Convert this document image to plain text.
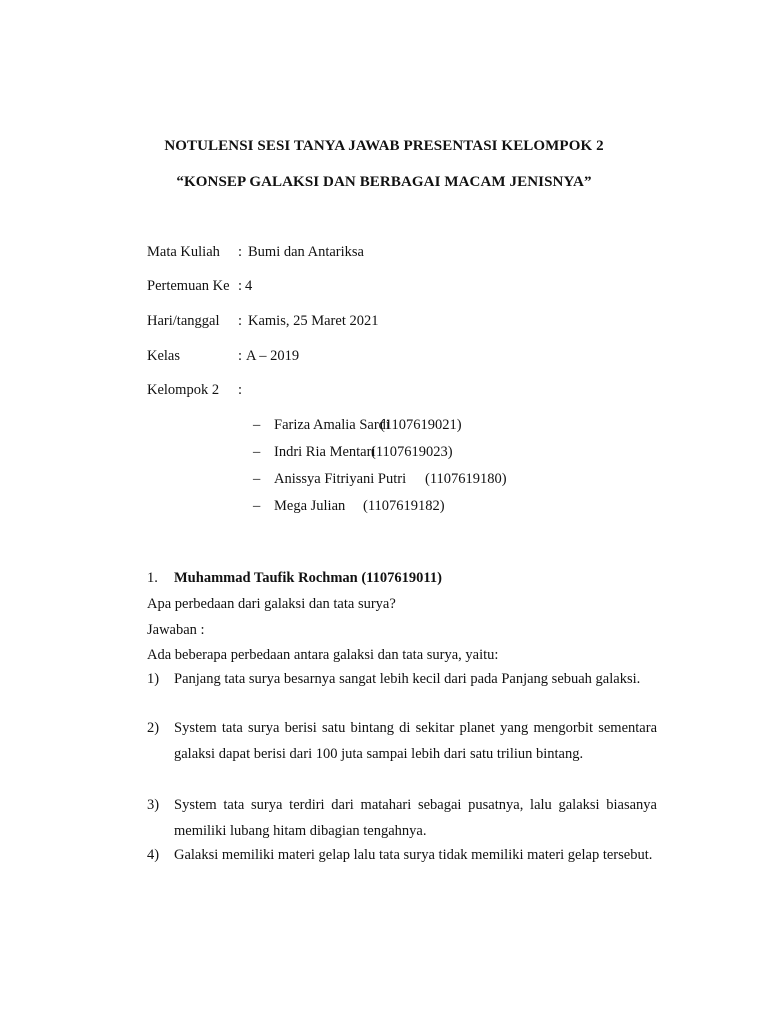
NOTULENSI SESI TANYA JAWAB PRESENTASI KELOMPOK 2
“KONSEP GALAKSI DAN BERBAGAI MACAM JENISNYA”
Mata Kuliah : Bumi dan Antariksa
Pertemuan Ke : 4
Hari/tanggal : Kamis, 25 Maret 2021
Kelas	: A – 2019
Kelompok 2 :
– Fariza Amalia Sardi
(1107619021)
– Indri Ria Mentari
(1107619023)
– Anissya Fitriyani Putri (1107619180)
– Mega Julian (1107619182)
1. Muhammad Taufik Rochman (1107619011)
Apa perbedaan dari galaksi dan tata surya?
Jawaban :
Ada beberapa perbedaan antara galaksi dan tata surya, yaitu:
1) Panjang tata surya besarnya sangat lebih kecil dari pada Panjang sebuah galaksi.
2) System tata surya berisi satu bintang di sekitar planet yang mengorbit sementara galaksi dapat berisi dari 100 juta sampai lebih dari satu triliun bintang.
3) System tata surya terdiri dari matahari sebagai pusatnya, lalu galaksi biasanya memiliki lubang hitam dibagian tengahnya.
4) Galaksi memiliki materi gelap lalu tata surya tidak memiliki materi gelap tersebut.
